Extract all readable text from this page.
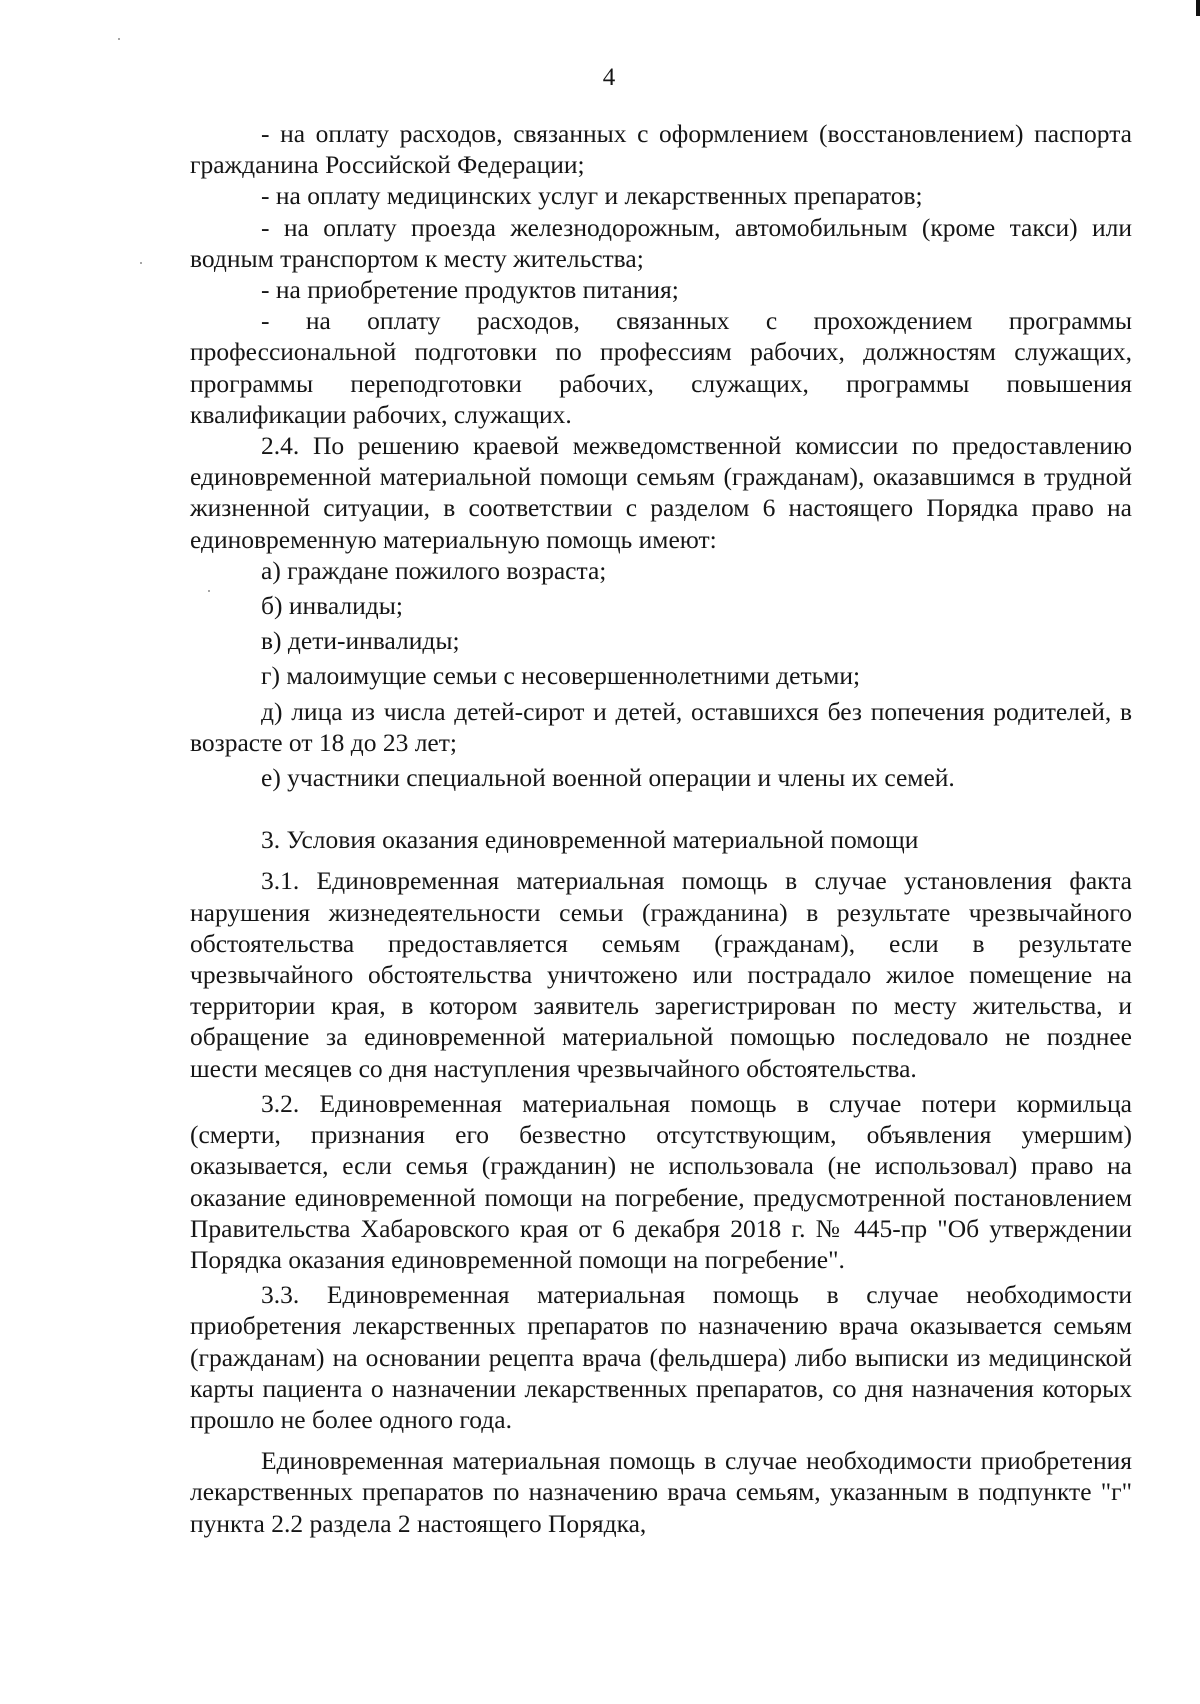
4

- на оплату расходов, связанных с оформлением (восстановлением) паспорта гражданина Российской Федерации;

- на оплату медицинских услуг и лекарственных препаратов;

- на оплату проезда железнодорожным, автомобильным (кроме такси) или водным транспортом к месту жительства;

- на приобретение продуктов питания;

- на оплату расходов, связанных с прохождением программы профессиональной подготовки по профессиям рабочих, должностям служащих, программы переподготовки рабочих, служащих, программы повышения квалификации рабочих, служащих.

2.4. По решению краевой межведомственной комиссии по предоставлению единовременной материальной помощи семьям (гражданам), оказавшимся в трудной жизненной ситуации, в соответствии с разделом 6 настоящего Порядка право на единовременную материальную помощь имеют:

а) граждане пожилого возраста;

б) инвалиды;

в) дети-инвалиды;

г) малоимущие семьи с несовершеннолетними детьми;

д) лица из числа детей-сирот и детей, оставшихся без попечения родителей, в возрасте от 18 до 23 лет;

е) участники специальной военной операции и члены их семей.

3. Условия оказания единовременной материальной помощи

3.1. Единовременная материальная помощь в случае установления факта нарушения жизнедеятельности семьи (гражданина) в результате чрезвычайного обстоятельства предоставляется семьям (гражданам), если в результате чрезвычайного обстоятельства уничтожено или пострадало жилое помещение на территории края, в котором заявитель зарегистрирован по месту жительства, и обращение за единовременной материальной помощью последовало не позднее шести месяцев со дня наступления чрезвычайного обстоятельства.

3.2. Единовременная материальная помощь в случае потери кормильца (смерти, признания его безвестно отсутствующим, объявления умершим) оказывается, если семья (гражданин) не использовала (не использовал) право на оказание единовременной помощи на погребение, предусмотренной постановлением Правительства Хабаровского края от 6 декабря 2018 г. № 445-пр "Об утверждении Порядка оказания единовременной помощи на погребение".

3.3. Единовременная материальная помощь в случае необходимости приобретения лекарственных препаратов по назначению врача оказывается семьям (гражданам) на основании рецепта врача (фельдшера) либо выписки из медицинской карты пациента о назначении лекарственных препаратов, со дня назначения которых прошло не более одного года.

Единовременная материальная помощь в случае необходимости приобретения лекарственных препаратов по назначению врача семьям, указанным в подпункте "г" пункта 2.2 раздела 2 настоящего Порядка,
